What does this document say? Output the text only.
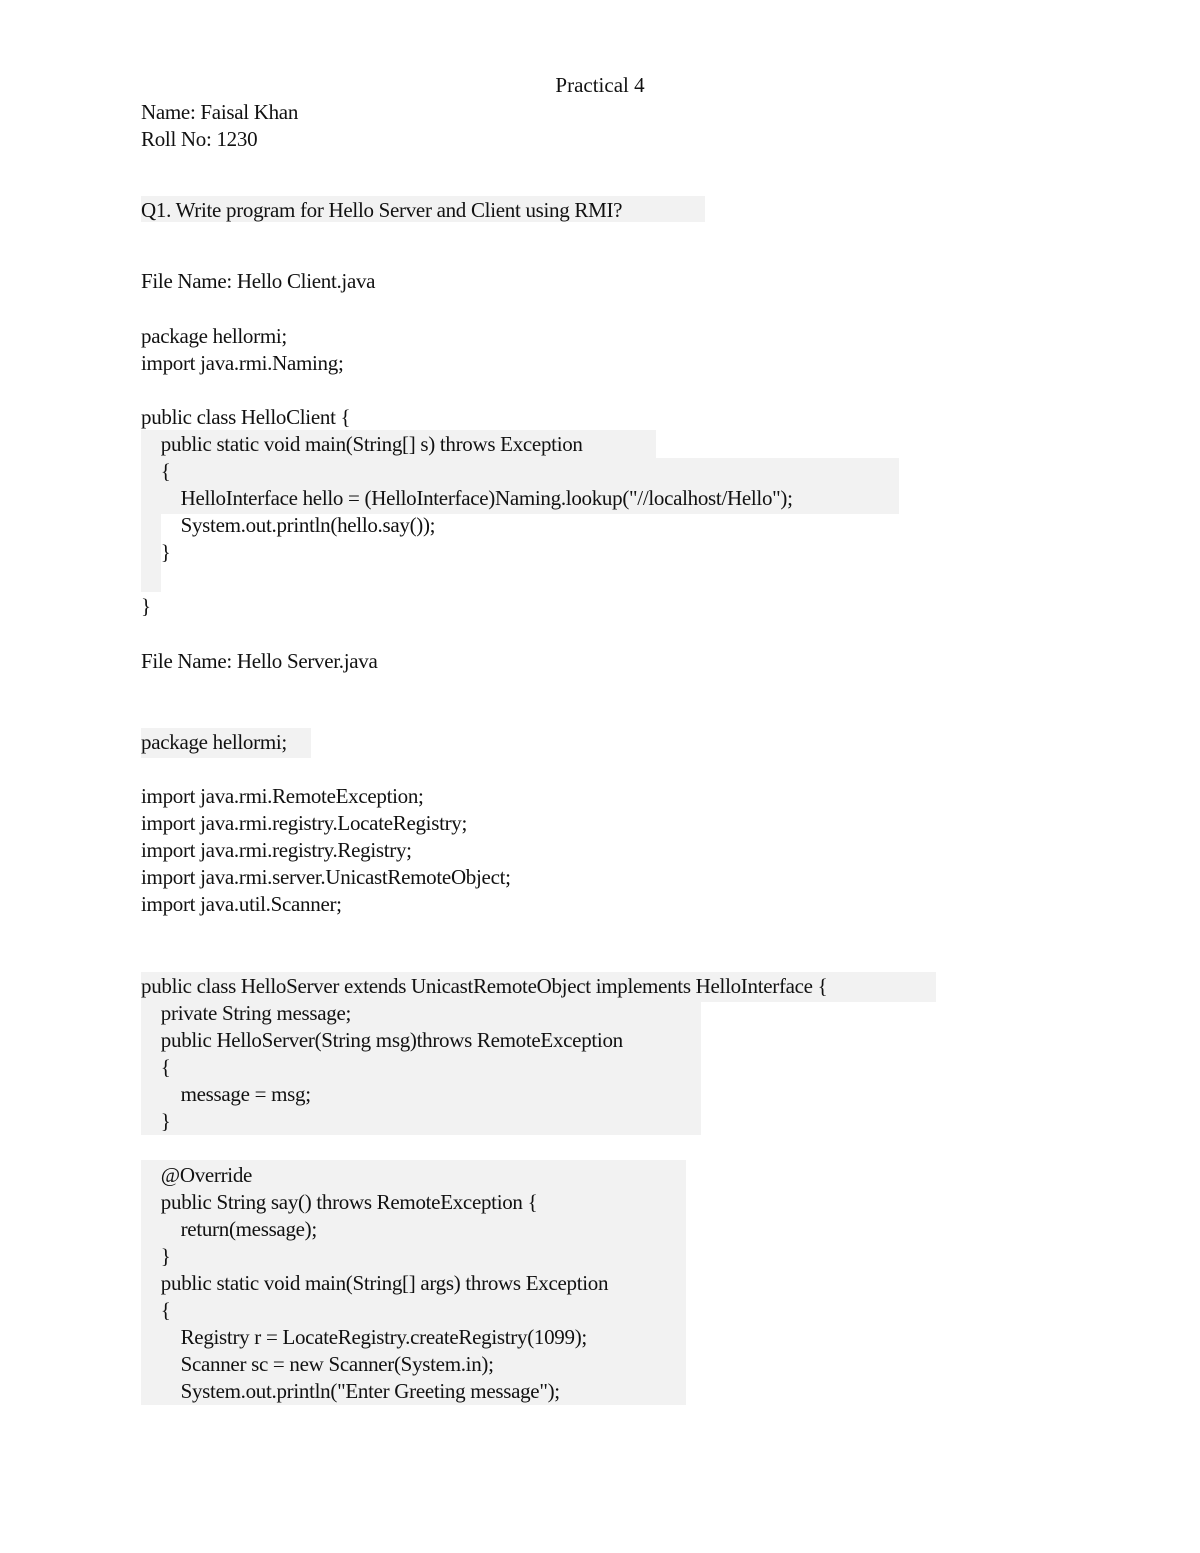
Practical 4
Name: Faisal Khan
Roll No: 1230
Q1. Write program for Hello Server and Client using RMI?
File Name: Hello Client.java
package hellormi;
import java.rmi.Naming;
public class HelloClient {
public static void main(String[] s) throws Exception
{
HelloInterface hello = (HelloInterface)Naming.lookup("//localhost/Hello");
System.out.println(hello.say());
}
}
File Name: Hello Server.java
package hellormi;
import java.rmi.RemoteException;
import java.rmi.registry.LocateRegistry;
import java.rmi.registry.Registry;
import java.rmi.server.UnicastRemoteObject;
import java.util.Scanner;
public class HelloServer extends UnicastRemoteObject implements HelloInterface {
private String message;
public HelloServer(String msg)throws RemoteException
{
message = msg;
}
@Override
public String say() throws RemoteException {
return(message);
}
public static void main(String[] args) throws Exception
{
Registry r = LocateRegistry.createRegistry(1099);
Scanner sc = new Scanner(System.in);
System.out.println("Enter Greeting message");
